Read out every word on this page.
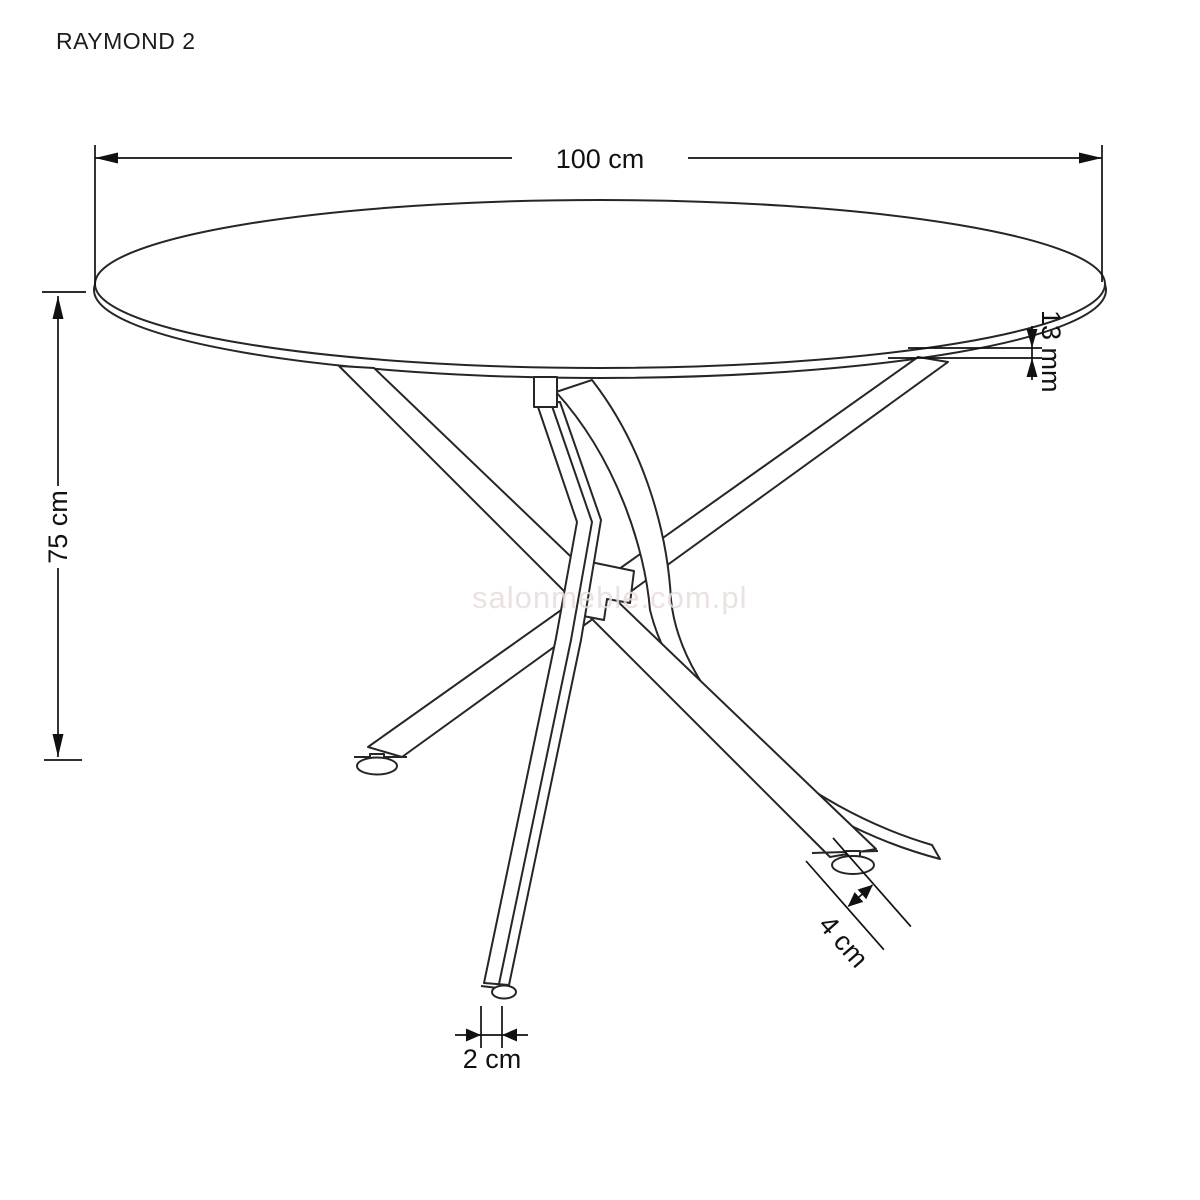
RAYMOND 2
100 cm
75 cm
13 mm
4 cm
2 cm
salonmeble.com.pl
